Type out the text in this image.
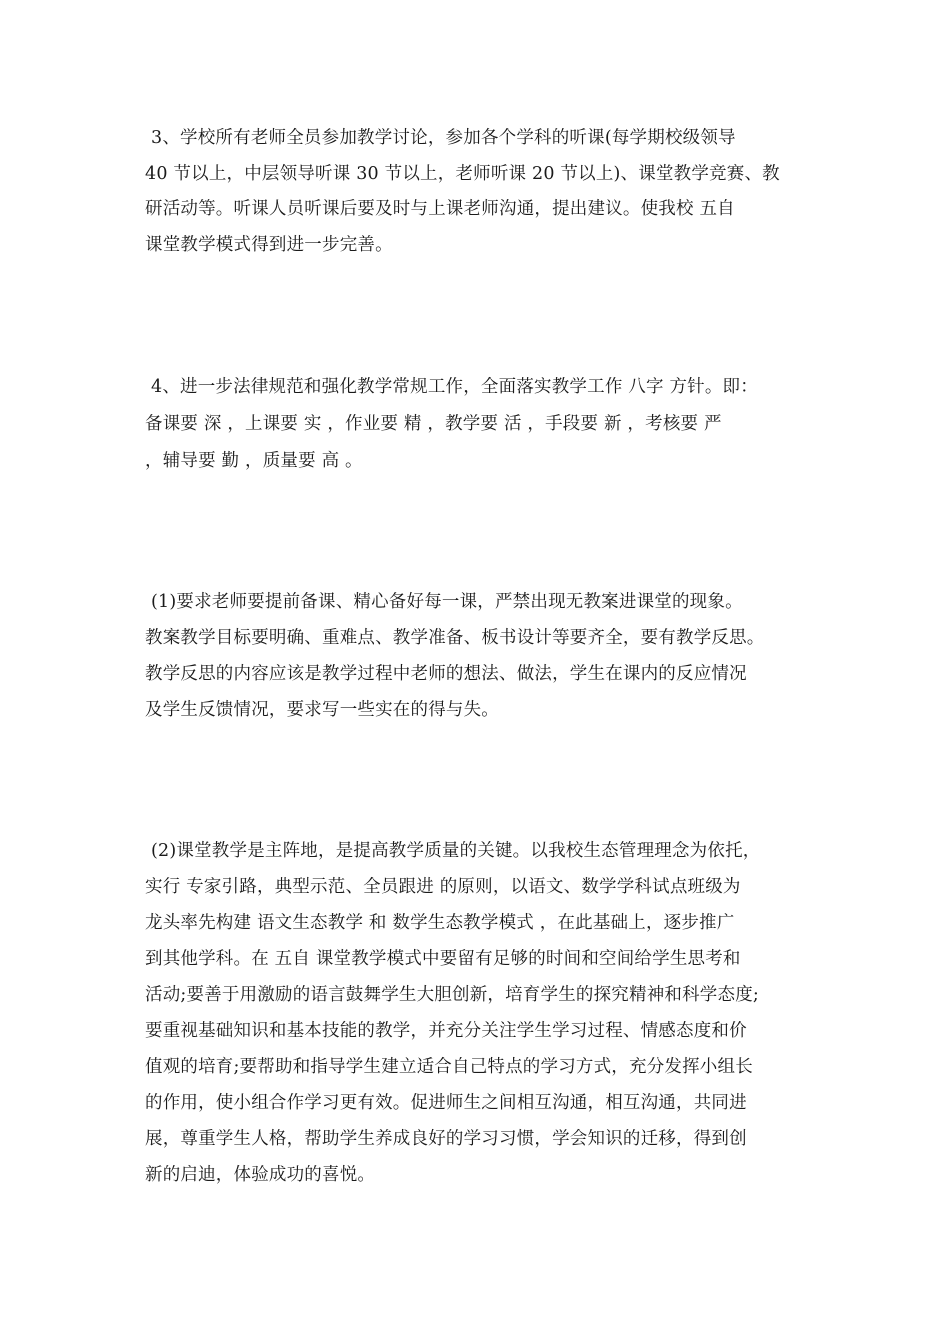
3、学校所有老师全员参加教学讨论，参加各个学科的听课(每学期校级领导
40 节以上，中层领导听课 30 节以上，老师听课 20 节以上)、课堂教学竞赛、教
研活动等。听课人员听课后要及时与上课老师沟通，提出建议。使我校 五自
课堂教学模式得到进一步完善。
4、进一步法律规范和强化教学常规工作，全面落实教学工作 八字 方针。即：
备课要 深 ，上课要 实 ，作业要 精 ，教学要 活 ，手段要 新 ，考核要 严
，辅导要 勤 ，质量要 高 。
(1)要求老师要提前备课、精心备好每一课，严禁出现无教案进课堂的现象。
教案教学目标要明确、重难点、教学准备、板书设计等要齐全，要有教学反思。
教学反思的内容应该是教学过程中老师的想法、做法，学生在课内的反应情况
及学生反馈情况，要求写一些实在的得与失。
(2)课堂教学是主阵地，是提高教学质量的关键。以我校生态管理理念为依托，
实行 专家引路，典型示范、全员跟进 的原则，以语文、数学学科试点班级为
龙头率先构建 语文生态教学 和 数学生态教学模式 ，在此基础上，逐步推广
到其他学科。在 五自 课堂教学模式中要留有足够的时间和空间给学生思考和
活动;要善于用激励的语言鼓舞学生大胆创新，培育学生的探究精神和科学态度;
要重视基础知识和基本技能的教学，并充分关注学生学习过程、情感态度和价
值观的培育;要帮助和指导学生建立适合自己特点的学习方式，充分发挥小组长
的作用，使小组合作学习更有效。促进师生之间相互沟通，相互沟通，共同进
展，尊重学生人格，帮助学生养成良好的学习习惯，学会知识的迁移，得到创
新的启迪，体验成功的喜悦。
